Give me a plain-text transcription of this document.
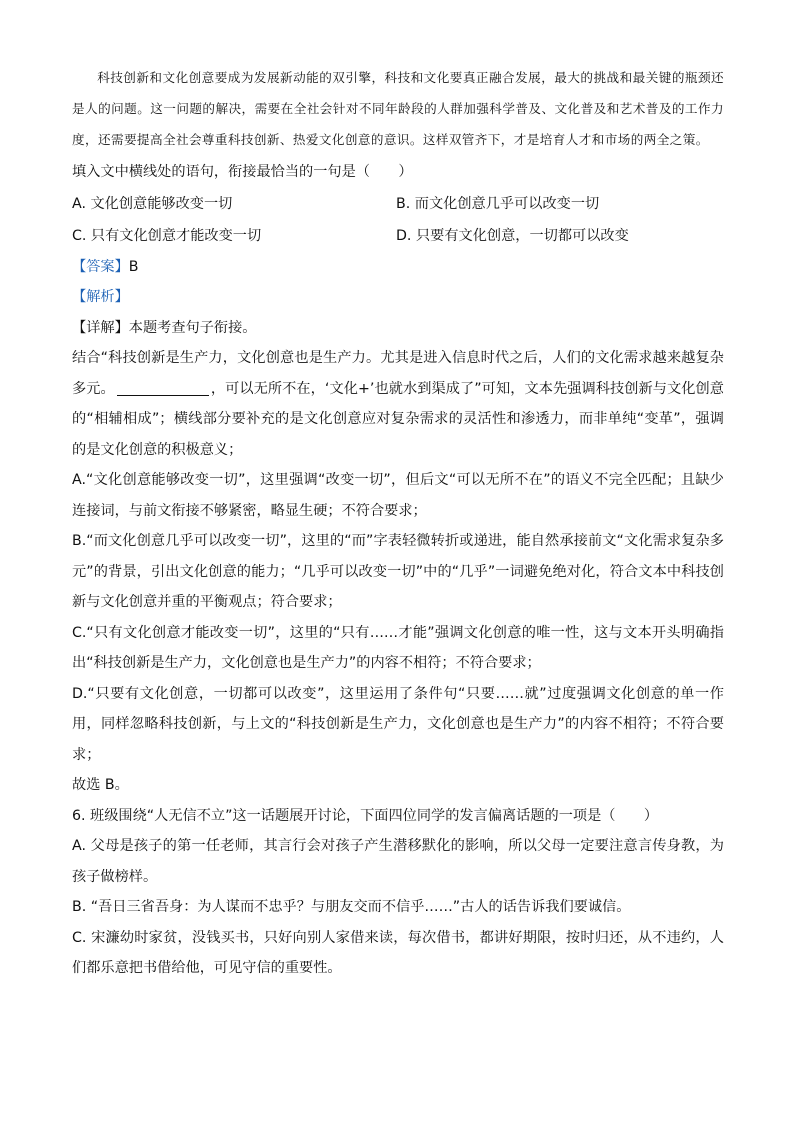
科技创新和文化创意要成为发展新动能的双引擎，科技和文化要真正融合发展，最大的挑战和最关键的瓶颈还是人的问题。这一问题的解决，需要在全社会针对不同年龄段的人群加强科学普及、文化普及和艺术普及的工作力度，还需要提高全社会尊重科技创新、热爱文化创意的意识。这样双管齐下，才是培育人才和市场的两全之策。

填入文中横线处的语句，衔接最恰当的一句是（　　）

A. 文化创意能够改变一切	B. 而文化创意几乎可以改变一切
C. 只有文化创意才能改变一切	D. 只要有文化创意，一切都可以改变

【答案】B

【解析】

【详解】本题考查句子衔接。

结合“科技创新是生产力，文化创意也是生产力。尤其是进入信息时代之后，人们的文化需求越来越复杂多元。	，可以无所不在，‘文化+’也就水到渠成了”可知，文本先强调科技创新与文化创意的“相辅相成”；横线部分要补充的是文化创意应对复杂需求的灵活性和渗透力，而非单纯“变革”，强调的是文化创意的积极意义；

A.“文化创意能够改变一切”，这里强调“改变一切”，但后文“可以无所不在”的语义不完全匹配；且缺少连接词，与前文衔接不够紧密，略显生硬；不符合要求；

B.“而文化创意几乎可以改变一切”，这里的“而”字表轻微转折或递进，能自然承接前文“文化需求复杂多元”的背景，引出文化创意的能力；“几乎可以改变一切”中的“几乎”一词避免绝对化，符合文本中科技创新与文化创意并重的平衡观点；符合要求；

C.“只有文化创意才能改变一切”，这里的“只有……才能”强调文化创意的唯一性，这与文本开头明确指出“科技创新是生产力，文化创意也是生产力”的内容不相符；不符合要求；

D.“只要有文化创意，一切都可以改变”，这里运用了条件句“只要……就”过度强调文化创意的单一作用，同样忽略科技创新，与上文的“科技创新是生产力，文化创意也是生产力”的内容不相符；不符合要求；

故选 B。

6. 班级围绕“人无信不立”这一话题展开讨论，下面四位同学的发言偏离话题的一项是（　　）

A. 父母是孩子的第一任老师，其言行会对孩子产生潜移默化的影响，所以父母一定要注意言传身教，为孩子做榜样。

B. “吾日三省吾身：为人谋而不忠乎？与朋友交而不信乎……”古人的话告诉我们要诚信。

C. 宋濂幼时家贫，没钱买书，只好向别人家借来读，每次借书，都讲好期限，按时归还，从不违约，人们都乐意把书借给他，可见守信的重要性。
